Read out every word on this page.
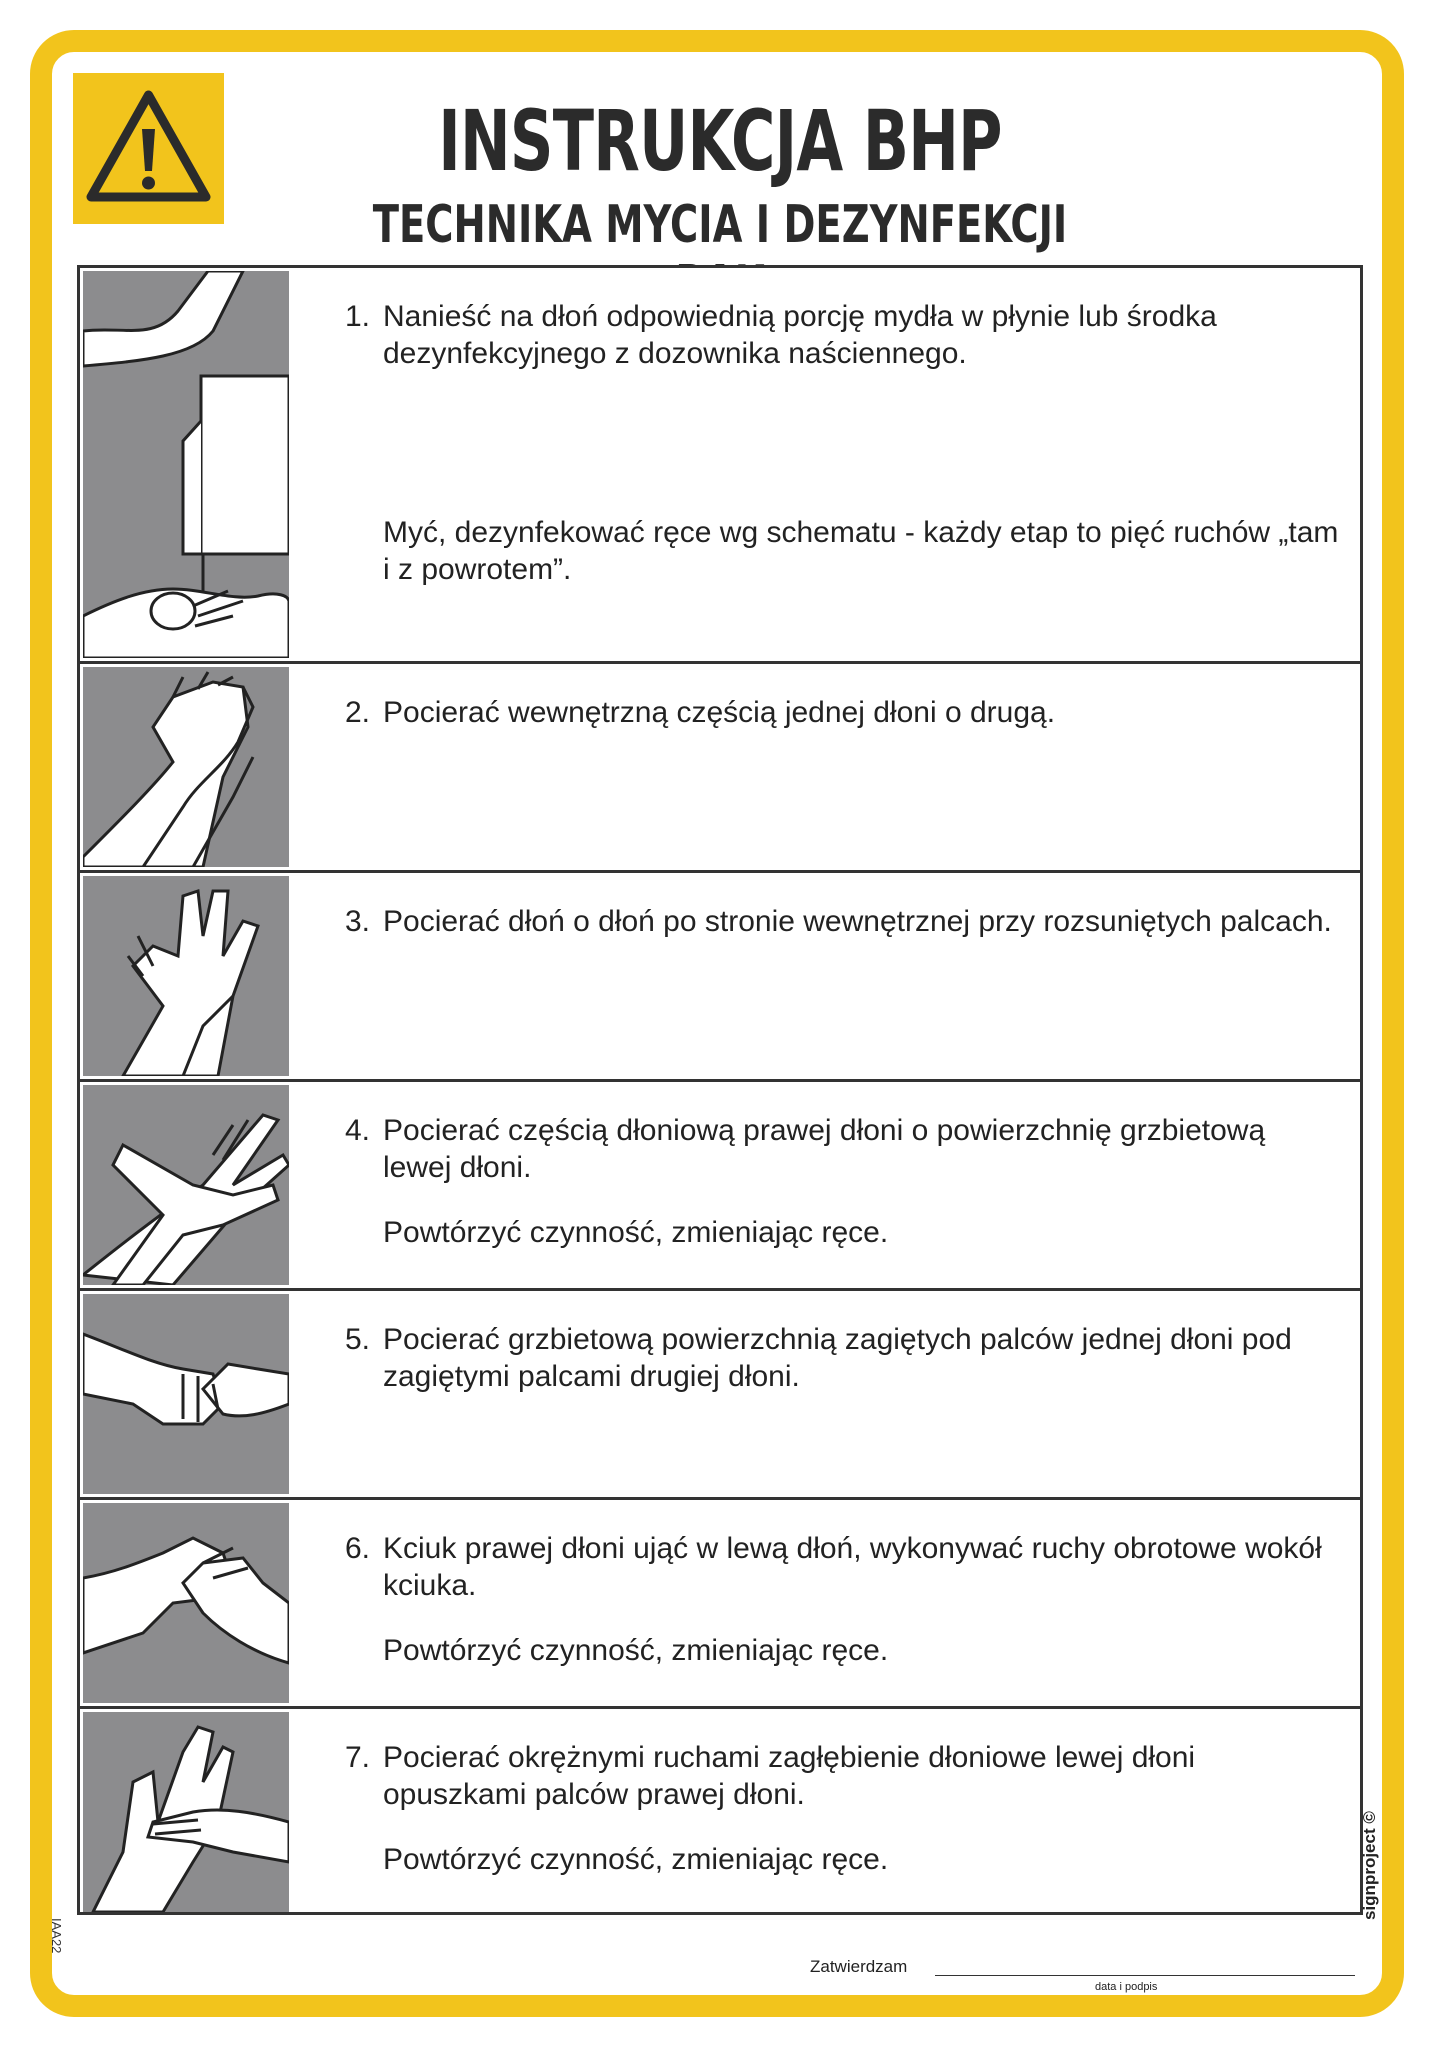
INSTRUKCJA BHP
TECHNIKA MYCIA I DEZYNFEKCJI
1. Nanieść na dłoń odpowiednią porcję mydła w płynie lub środka dezynfekcyjnego z dozownika naściennego.
Myć, dezynfekować ręce wg schematu - każdy etap to pięć ruchów „tam i z powrotem”.
2. Pocierać wewnętrzną częścią jednej dłoni o drugą.
3. Pocierać dłoń o dłoń po stronie wewnętrznej przy rozsuniętych palcach.
4. Pocierać częścią dłoniową prawej dłoni o powierzchnię grzbietową lewej dłoni.
Powtórzyć czynność, zmieniając ręce.
5. Pocierać grzbietową powierzchnią zagiętych palców jednej dłoni pod zagiętymi palcami drugiej dłoni.
6. Kciuk prawej dłoni ująć w lewą dłoń, wykonywać ruchy obrotowe wokół kciuka.
Powtórzyć czynność, zmieniając ręce.
7. Pocierać okrężnymi ruchami zagłębienie dłoniowe lewej dłoni opuszkami palców prawej dłoni.
Powtórzyć czynność, zmieniając ręce.	signproject ©
IAA22
Zatwierdzam
data i podpis
